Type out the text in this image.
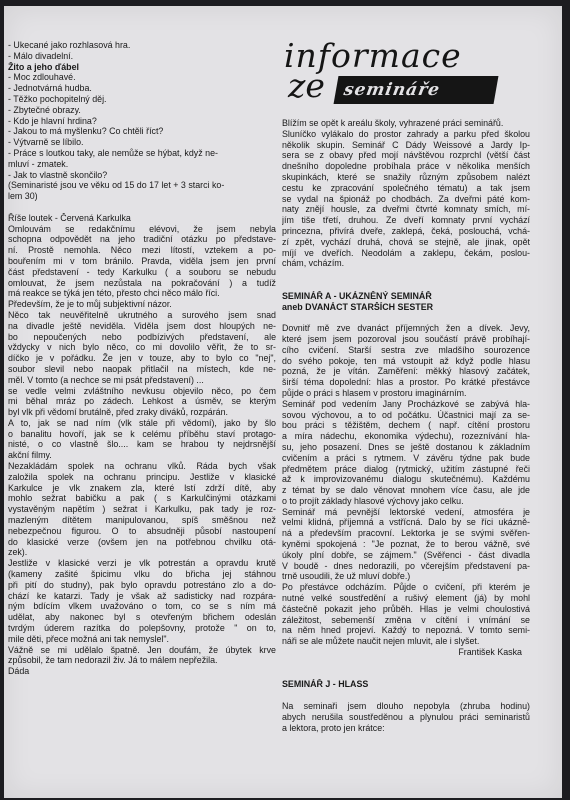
informace
ze semináře
- Ukecané jako rozhlasová hra.
- Málo divadelní.
Žito a jeho ďábel
- Moc zdlouhavé.
- Jednotvárná hudba.
- Těžko pochopitelný děj.
- Zbytečné obrazy.
- Kdo je hlavní hrdina?
- Jakou to má myšlenku? Co chtěli říct?
- Výtvarně se líbilo.
- Práce s loutkou taky, ale nemůže se hýbat, když ne-
mluví - zmatek.
- Jak to vlastně skončilo?
(Seminaristé jsou ve věku od 15 do 17 let + 3 starci ko-
lem 30)
Říše loutek - Červená Karkulka
Omlouvám se redakčnímu elévovi, že jsem nebyla
schopna odpovědět na jeho tradiční otázku po představe-
ní. Prostě nemohla. Něco mezi lítostí, vztekem a po-
bouřením mi v tom bránilo. Pravda, viděla jsem jen první
část představení - tedy Karkulku ( a souboru se nebudu
omlouvat, že jsem nezůstala na pokračování ) a tudíž
má reakce se týká jen této, přesto chci něco málo říci.
Především, že je to můj subjektivní názor.
Něco tak neuvěřitelně ukrutného a surového jsem snad
na divadle ještě neviděla. Viděla jsem dost hloupých ne-
bo nepoučených nebo podbízivých představení, ale
vždycky v nich bylo něco, co mi dovolilo věřit, že to sr-
díčko je v pořádku. Že jen v touze, aby to bylo co "nej",
soubor slevil nebo naopak přitlačil na místech, kde ne-
měl. V tomto (a nechce se mi psát představení) ...
se vedle velmi zvláštního nevkusu objevilo něco, po čem
mi běhal mráz po zádech. Lehkost a úsměv, se kterým
byl vlk při vědomí brutálně, před zraky diváků, rozpárán.
A to, jak se nad ním (vlk stále při vědomí), jako by šlo
o banalitu hovoří, jak se k celému příběhu staví protago-
nisté, o co vlastně šlo.... kam se hrabou ty nejdrsnější
akční filmy.
Nezakládám spolek na ochranu vlků. Ráda bych však
založila spolek na ochranu principu. Jestliže v klasické
Karkulce je vlk znakem zla, které lstí zdrží dítě, aby
mohlo sežrat babičku a pak ( s Karkulčinými otázkami
vystavěným napětím ) sežrat i Karkulku, pak tady je roz-
mazleným dítětem manipulovanou, spíš směšnou než
nebezpečnou figurou. O to absudněji působí nastoupení
do klasické verze (ovšem jen na potřebnou chvilku otá-
zek).
Jestliže v klasické verzi je vlk potrestán a opravdu krutě
(kameny zašité špicimu vlku do břicha jej stáhnou
při pití do studny), pak bylo opravdu potrestáno zlo a do-
chází ke katarzi. Tady je však až sadisticky nad rozpára-
ným bdícím vlkem uvažováno o tom, co se s ním má
udělat, aby nakonec byl s otevřeným břichem odeslán
tvrdým úderem razítka do polepšovny, protože " on to,
mile děti, přece možná ani tak nemyslel".
Vážně se mi udělalo špatně. Jen doufám, že úbytek krve
způsobil, že tam nedorazil živ. Já to málem nepřežila.
Dáda
Blížím se opět k areálu školy, vyhrazené práci seminářů.
Sluníčko vylákalo do prostor zahrady a parku před školou
několik skupin. Seminář C Dády Weissové a Jardy Ip-
sera se z obavy před mojí návštěvou rozprchl (větší část
dnešního dopoledne probíhala práce v několika menších
skupinkách, které se snažily různým způsobem nalézt
cestu ke zpracování společného tématu) a tak jsem
se vydal na špionáž po chodbách. Za dveřmi páté kom-
naty znějí housle, za dveřmi čtvrté komnaty smích, mí-
jím tiše třetí, druhou. Ze dveří komnaty první vychází
princezna, přivírá dveře, zaklepá, čeká, poslouchá, vchá-
zí zpět, vychází druhá, chová se stejně, ale jinak, opět
míjí ve dveřích. Neodolám a zaklepu, čekám, poslou-
chám, vcházím.
SEMINÁŘ A - UKÁZNĚNÝ SEMINÁŘ
aneb DVANÁCT STARŠÍCH SESTER
Dovnitř mě zve dvanáct příjemných žen a dívek. Jevy,
které jsem jsem pozoroval jsou součástí právě probíhají-
cího cvičení. Starší sestra zve mladšího sourozence
do svého pokoje, ten má vstoupit až když podle hlasu
pozná, že je vítán. Zaměření: měkký hlasový začátek,
širší téma dopolední: hlas a prostor. Po krátké přestávce
půjde o práci s hlasem v prostoru imaginárním.
Seminář pod vedením Jany Procházkové se zabývá hla-
sovou výchovou, a to od počátku. Účastnici mají za se-
bou práci s těžištěm, dechem ( např. cítění prostoru
a míra nádechu, ekonomika výdechu), rozeznívání hla-
su, jeho posazení. Dnes se ještě dostanou k základním
cvičením a práci s rytmem. V závěru týdne pak bude
předmětem práce dialog (rytmický, užitím zástupné řeči
až k improvizovanému dialogu skutečnému). Každému
z témat by se dalo věnovat mnohem více času, ale jde
o to projít základy hlasové výchovy jako celku.
Seminář má pevnější lektorské vedení, atmosféra je
velmi klidná, příjemná a vstřícná. Dalo by se říci ukázně-
ná a především pracovní. Lektorka je se svými svěřen-
kyněmi spokojená : "Je poznat, že to berou vážně, své
úkoly plní dobře, se zájmem." (Svěřenci - část divadla
V boudě - dnes nedorazili, po včerejším představení pa-
trně usoudili, že už mluví dobře.)
Po přestávce odcházím. Půjde o cvičení, při kterém je
nutné velké soustředění a rušivý element (já) by mohl
částečně pokazit jeho průběh. Hlas je velmi choulostivá
záležitost, sebemenší změna v cítění i vnímání se
na něm hned projeví. Každý to nepozná. V tomto semi-
náři se ale můžete naučit nejen mluvit, ale i slyšet.
František Kaska
SEMINÁŘ J - HLASS
Na seminaři jsem dlouho nepobyla (zhruba hodinu)
abych nerušila soustředěnou a plynulou práci seminaristů
a lektora, proto jen krátce:
